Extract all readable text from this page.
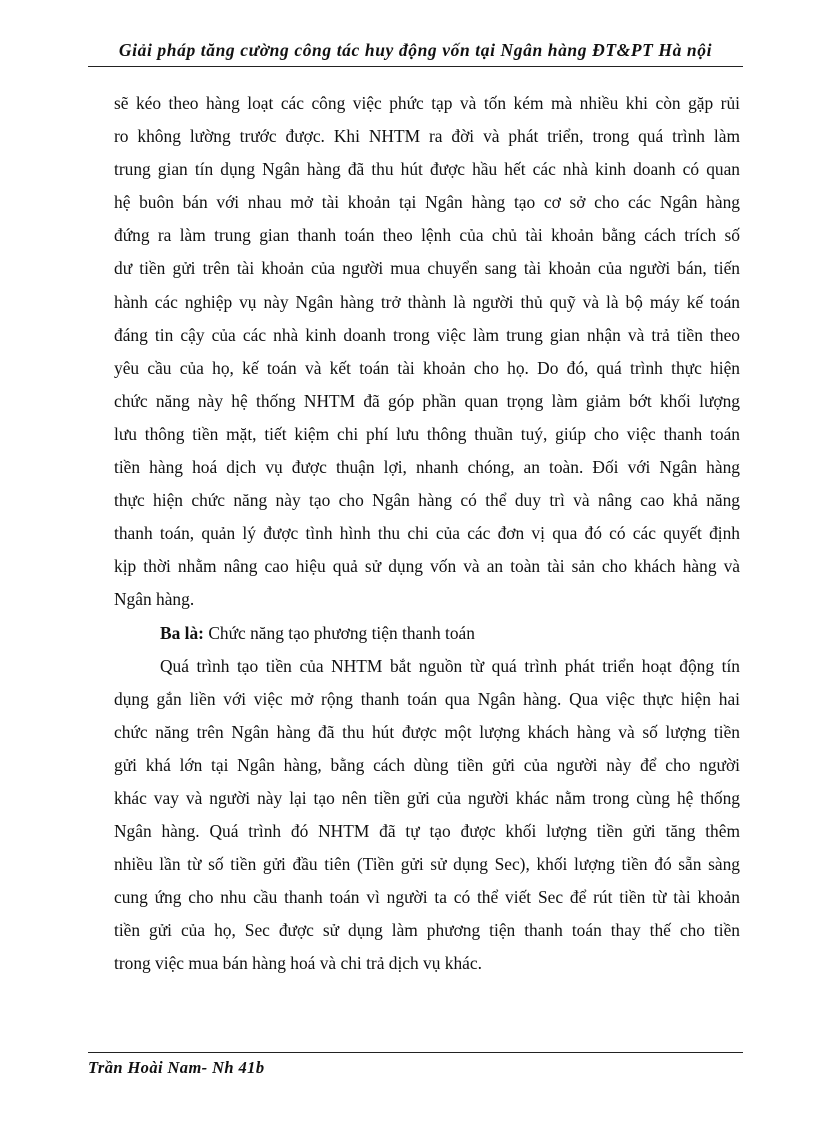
Giải pháp tăng cường công tác huy động vốn tại Ngân hàng ĐT&PT Hà nội
sẽ kéo theo hàng loạt các công việc phức tạp và tốn kém mà nhiều khi còn gặp rủi
ro không lường trước được. Khi NHTM ra đời và phát triển, trong quá trình làm
trung gian tín dụng Ngân hàng đã thu hút được hầu hết các nhà kinh doanh có quan
hệ buôn bán với nhau mở tài khoản tại Ngân hàng tạo cơ sở cho các Ngân hàng
đứng ra làm trung gian thanh toán theo lệnh của chủ tài khoản bằng cách trích số
dư tiền gửi trên tài khoản của người mua chuyển sang tài khoản của người bán, tiến
hành các nghiệp vụ này Ngân hàng trở thành là người thủ quỹ và là bộ máy kế toán
đáng tin cậy của các nhà kinh doanh trong việc làm trung gian nhận và trả tiền theo
yêu cầu của họ, kế toán và kết toán tài khoản cho họ. Do đó, quá trình thực hiện
chức năng này hệ thống NHTM đã góp phần quan trọng làm giảm bớt khối lượng
lưu thông tiền mặt, tiết kiệm chi phí lưu thông thuần tuý, giúp cho việc thanh toán
tiền hàng hoá dịch vụ được thuận lợi, nhanh chóng, an toàn. Đối với Ngân hàng
thực hiện chức năng này tạo cho Ngân hàng có thể duy trì và nâng cao khả năng
thanh toán, quản lý được tình hình thu chi của các đơn vị qua đó có các quyết định
kịp thời nhằm nâng cao hiệu quả sử dụng vốn và an toàn tài sản cho khách hàng và
Ngân hàng.
Ba là: Chức năng tạo phương tiện thanh toán
Quá trình tạo tiền của NHTM bắt nguồn từ quá trình phát triển hoạt động tín
dụng gắn liền với việc mở rộng thanh toán qua Ngân hàng. Qua việc thực hiện hai
chức năng trên Ngân hàng đã thu hút được một lượng khách hàng và số lượng tiền
gửi khá lớn tại Ngân hàng, bằng cách dùng tiền gửi của người này để cho người
khác vay và người này lại tạo nên tiền gửi của người khác nằm trong cùng hệ thống
Ngân hàng. Quá trình đó NHTM đã tự tạo được khối lượng tiền gửi tăng thêm
nhiều lần từ số tiền gửi đầu tiên (Tiền gửi sử dụng Sec), khối lượng tiền đó sẵn sàng
cung ứng cho nhu cầu thanh toán vì người ta có thể viết Sec để rút tiền từ tài khoản
tiền gửi của họ, Sec được sử dụng làm phương tiện thanh toán thay thế cho tiền
trong việc mua bán hàng hoá và chi trả dịch vụ khác.
Trần Hoài Nam- Nh 41b
